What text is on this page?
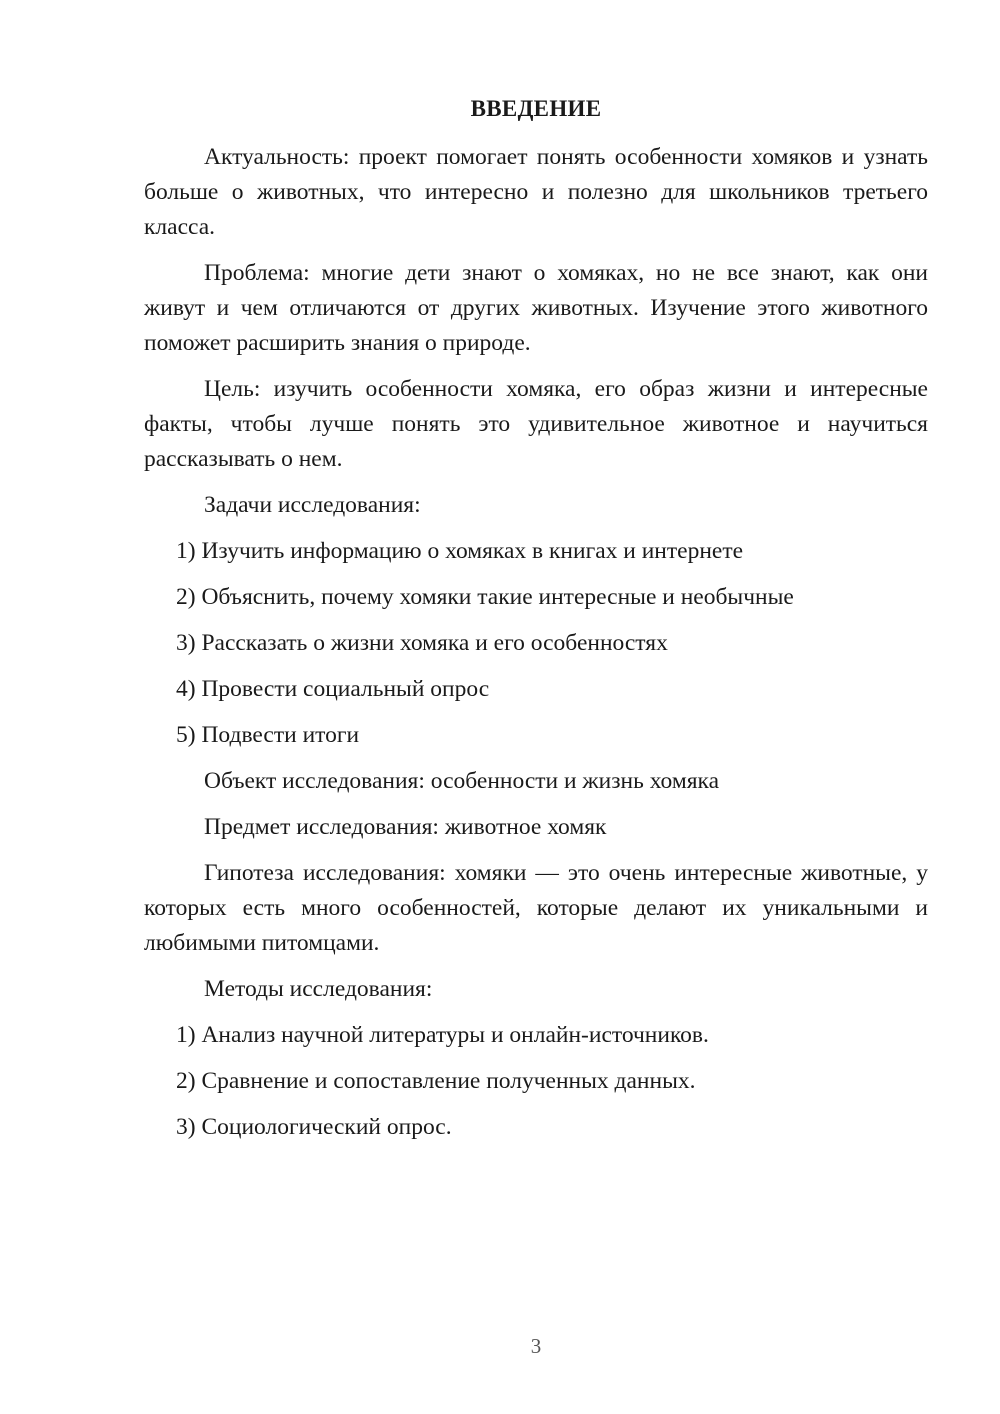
ВВЕДЕНИЕ

Актуальность: проект помогает понять особенности хомяков и узнать больше о животных, что интересно и полезно для школьников третьего класса.

Проблема: многие дети знают о хомяках, но не все знают, как они живут и чем отличаются от других животных. Изучение этого животного поможет расширить знания о природе.

Цель: изучить особенности хомяка, его образ жизни и интересные факты, чтобы лучше понять это удивительное животное и научиться рассказывать о нем.

Задачи исследования:

1) Изучить информацию о хомяках в книгах и интернете

2) Объяснить, почему хомяки такие интересные и необычные

3) Рассказать о жизни хомяка и его особенностях

4) Провести социальный опрос

5) Подвести итоги

Объект исследования: особенности и жизнь хомяка

Предмет исследования: животное хомяк

Гипотеза исследования: хомяки — это очень интересные животные, у которых есть много особенностей, которые делают их уникальными и любимыми питомцами.

Методы исследования:

1) Анализ научной литературы и онлайн-источников.

2) Сравнение и сопоставление полученных данных.

3) Социологический опрос.

3
